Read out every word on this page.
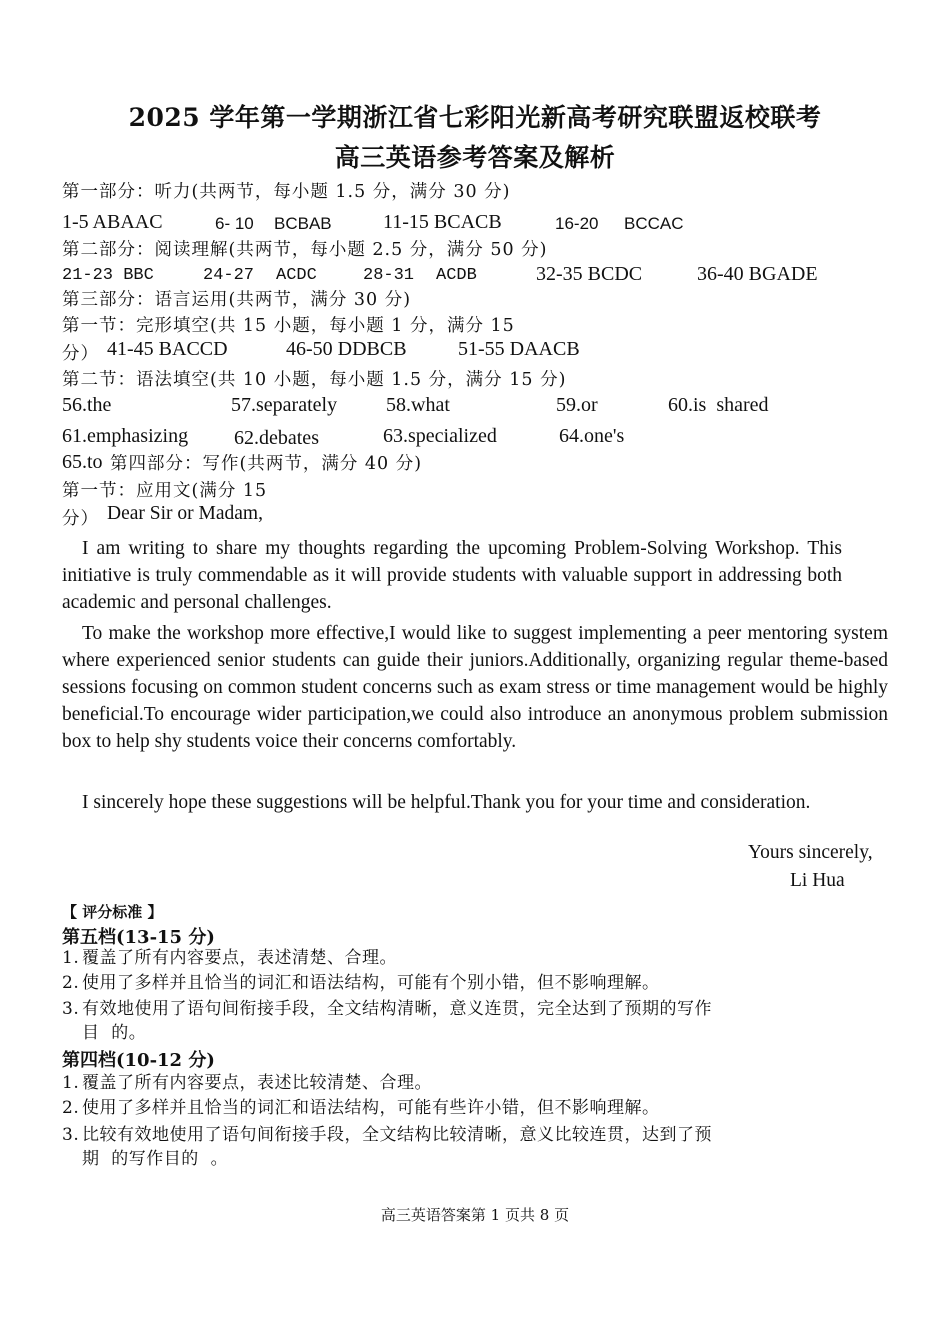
2025 学年第一学期浙江省七彩阳光新高考研究联盟返校联考
高三英语参考答案及解析
第一部分：听力(共两节，每小题 1.5 分，满分 30 分)
1-5 ABAAC	6- 10 BCBAB	11-15 BCACB	16-20 BCCAC
第二部分：阅读理解(共两节，每小题 2.5 分，满分 50 分)
21-23 BBC	24-27 ACDC	28-31 ACDB	32-35 BCDC	36-40 BGADE
第三部分：语言运用(共两节，满分 30 分)
第一节：完形填空(共 15 小题，每小题 1 分，满分 15
分） 41-45 BACCD	46-50 DDBCB	51-55 DAACB
第二节：语法填空(共 10 小题，每小题 1.5 分，满分 15 分)
56.the	57.separately 58.what	59.or	60.is  shared
61.emphasizing 62.debates	63.specialized	64.one's
65.to 第四部分：写作(共两节，满分 40 分)
第一节：应用文(满分 15
分） Dear Sir or Madam,

I am writing to share my thoughts regarding the upcoming Problem-Solving Workshop. This initiative is truly commendable as it will provide students with valuable support in addressing both academic and personal challenges.

To make the workshop more effective,I would like to suggest implementing a peer mentoring system where experienced senior students can guide their juniors.Additionally, organizing regular theme-based sessions focusing on common student concerns such as exam stress or time management would be highly beneficial.To encourage wider participation,we could also introduce an anonymous problem submission box to help shy students voice their concerns comfortably.

I sincerely hope these suggestions will be helpful.Thank you for your time and consideration.

Yours sincerely,
Li Hua
【 评分标准 】
第五档(13-15 分)
1. 覆盖了所有内容要点，表述清楚、合理。
2. 使用了多样并且恰当的词汇和语法结构，可能有个别小错，但不影响理解。
3. 有效地使用了语句间衔接手段，全文结构清晰，意义连贯，完全达到了预期的写作
目  的。
第四档(10-12 分)
1. 覆盖了所有内容要点，表述比较清楚、合理。
2. 使用了多样并且恰当的词汇和语法结构，可能有些许小错，但不影响理解。
3. 比较有效地使用了语句间衔接手段，全文结构比较清晰，意义比较连贯，达到了预
期  的写作目的  。
高三英语答案第 1 页共 8 页
